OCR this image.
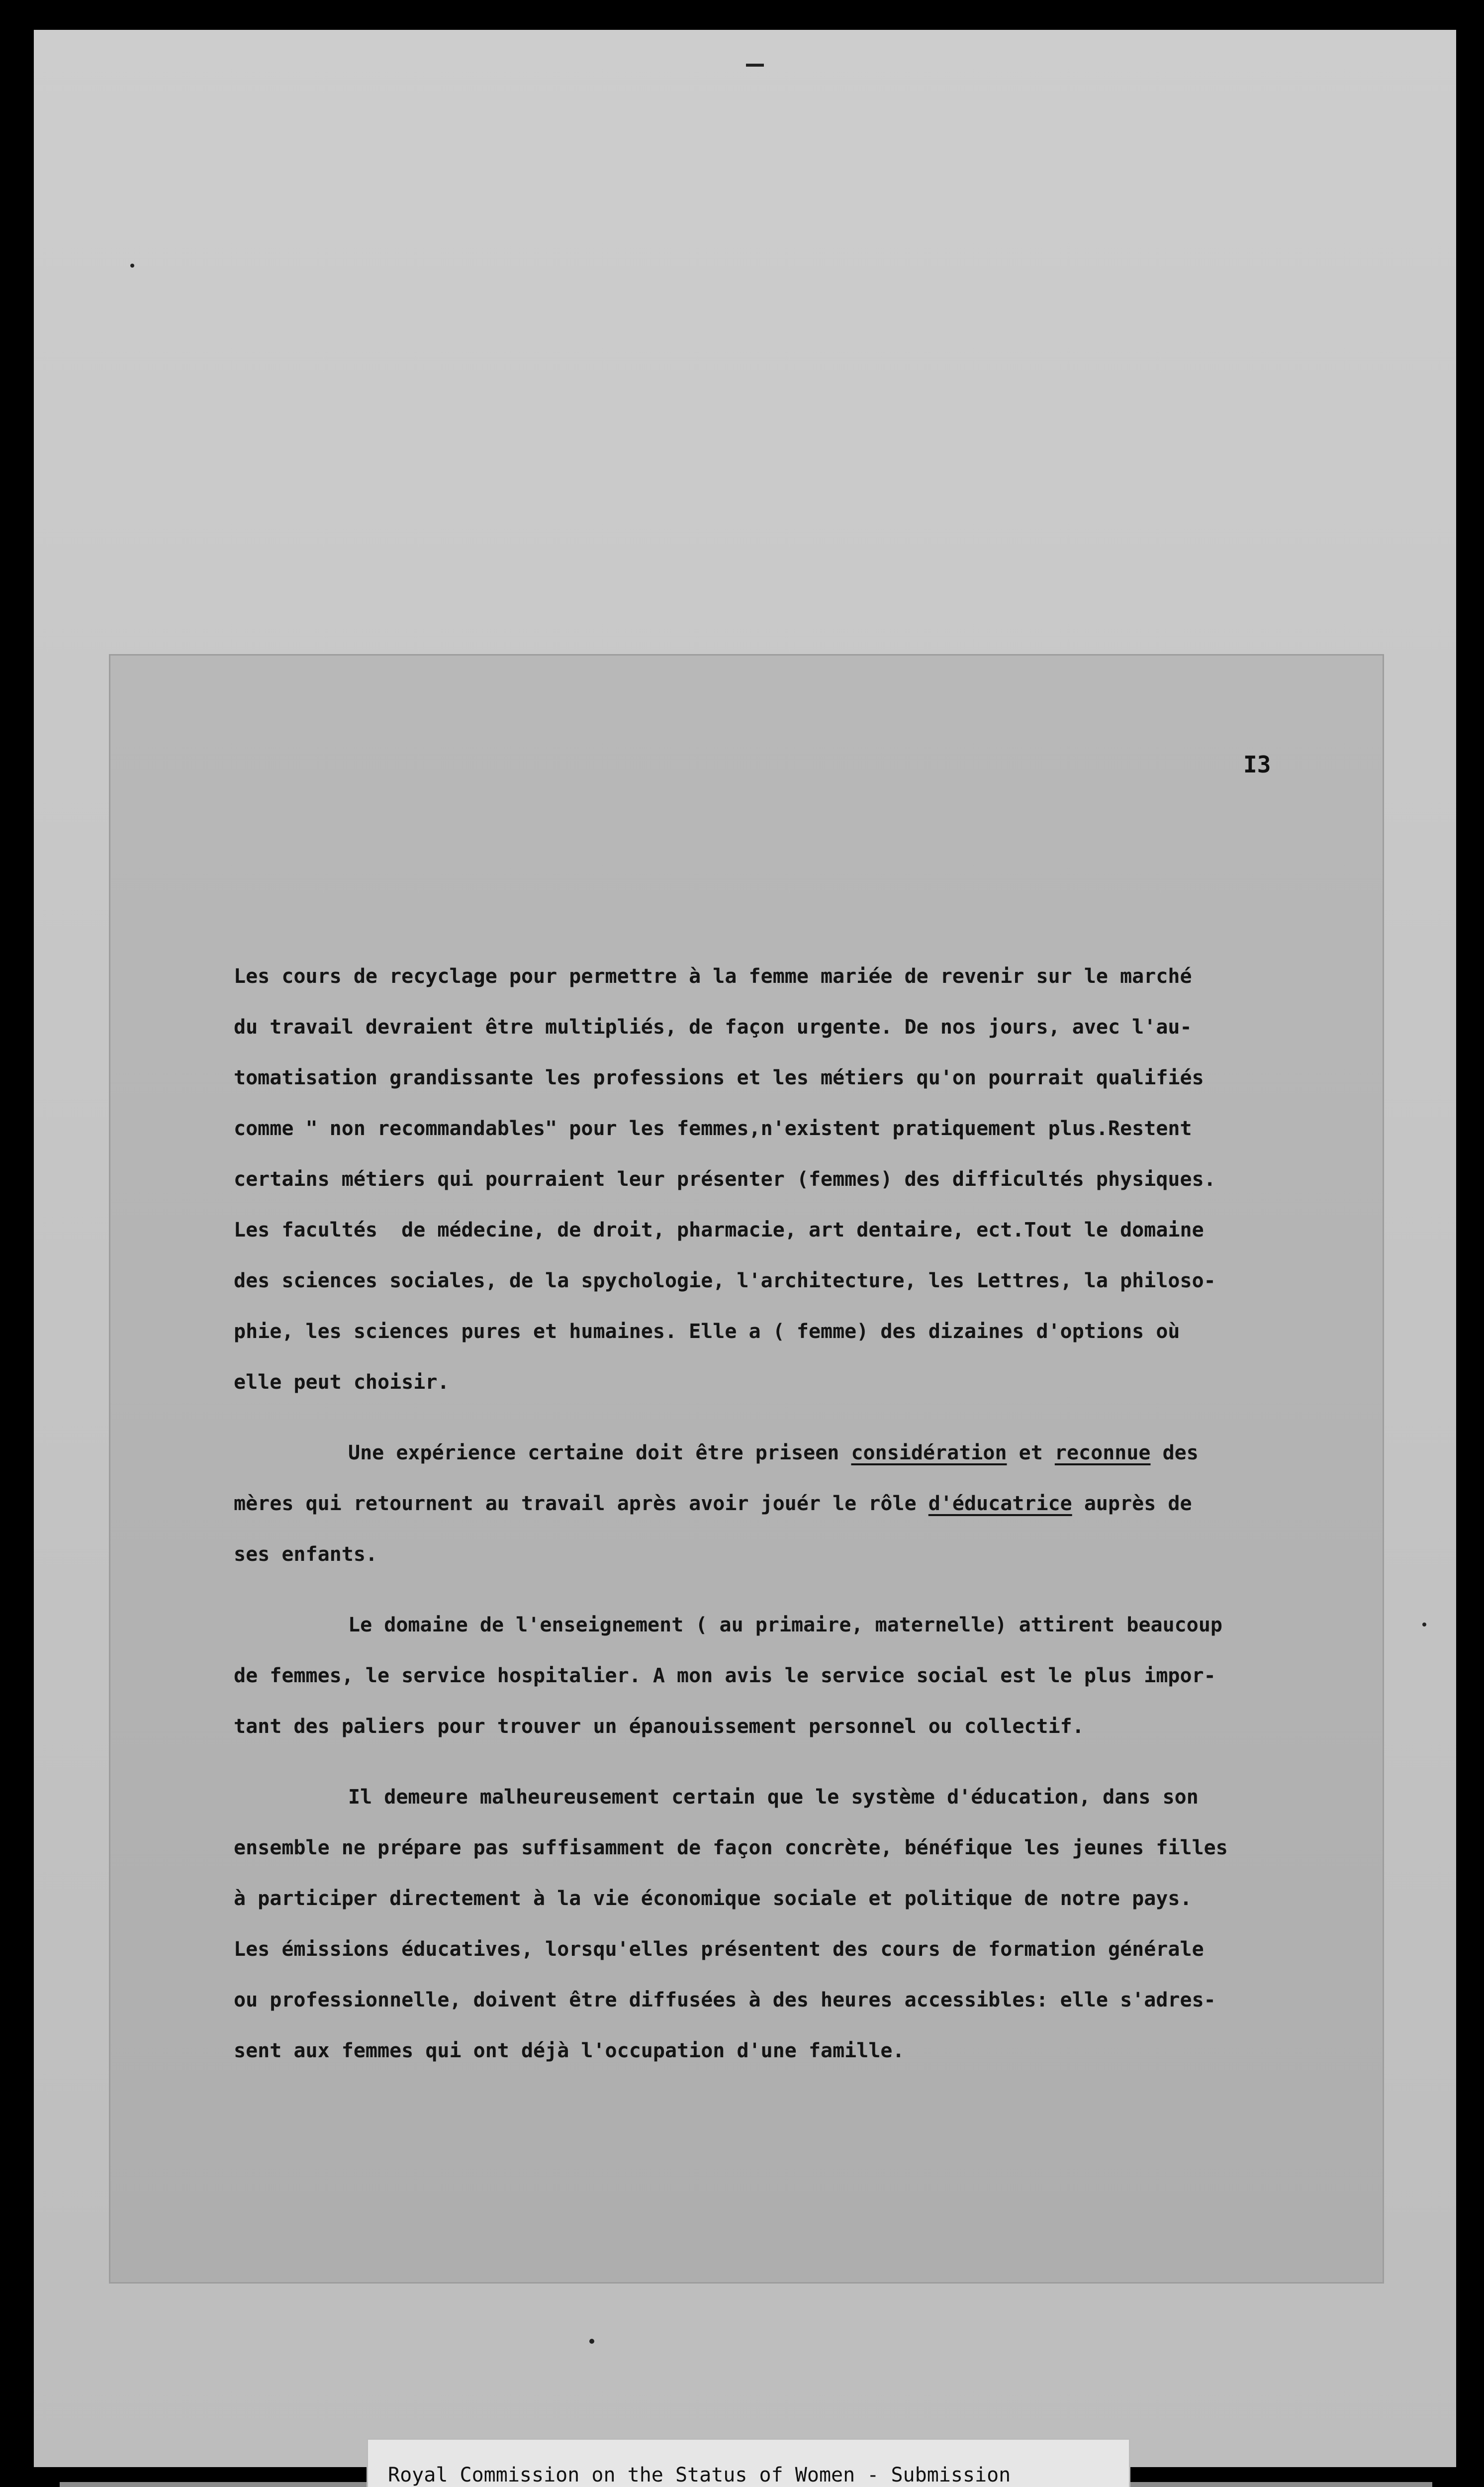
I3

Les cours de recyclage pour permettre à la femme mariée de revenir sur le marché
du travail devraient être multipliés, de façon urgente. De nos jours, avec l'au-
tomatisation grandissante les professions et les métiers qu'on pourrait qualifiés
comme " non recommandables" pour les femmes,n'existent pratiquement plus.Restent
certains métiers qui pourraient leur présenter (femmes) des difficultés physiques.
Les facultés  de médecine, de droit, pharmacie, art dentaire, ect.Tout le domaine
des sciences sociales, de la spychologie, l'architecture, les Lettres, la philoso-
phie, les sciences pures et humaines. Elle a ( femme) des dizaines d'options où
elle peut choisir.

Une expérience certaine doit être priseen considération et reconnue des
mères qui retournent au travail après avoir jouér le rôle d'éducatrice auprès de
ses enfants.

Le domaine de l'enseignement ( au primaire, maternelle) attirent beaucoup
de femmes, le service hospitalier. A mon avis le service social est le plus impor-
tant des paliers pour trouver un épanouissement personnel ou collectif.

Il demeure malheureusement certain que le système d'éducation, dans son
ensemble ne prépare pas suffisamment de façon concrète, bénéfique les jeunes filles
à participer directement à la vie économique sociale et politique de notre pays.
Les émissions éducatives, lorsqu'elles présentent des cours de formation générale
ou professionnelle, doivent être diffusées à des heures accessibles: elle s'adres-
sent aux femmes qui ont déjà l'occupation d'une famille.

Royal Commission on the Status of Women - Submission
